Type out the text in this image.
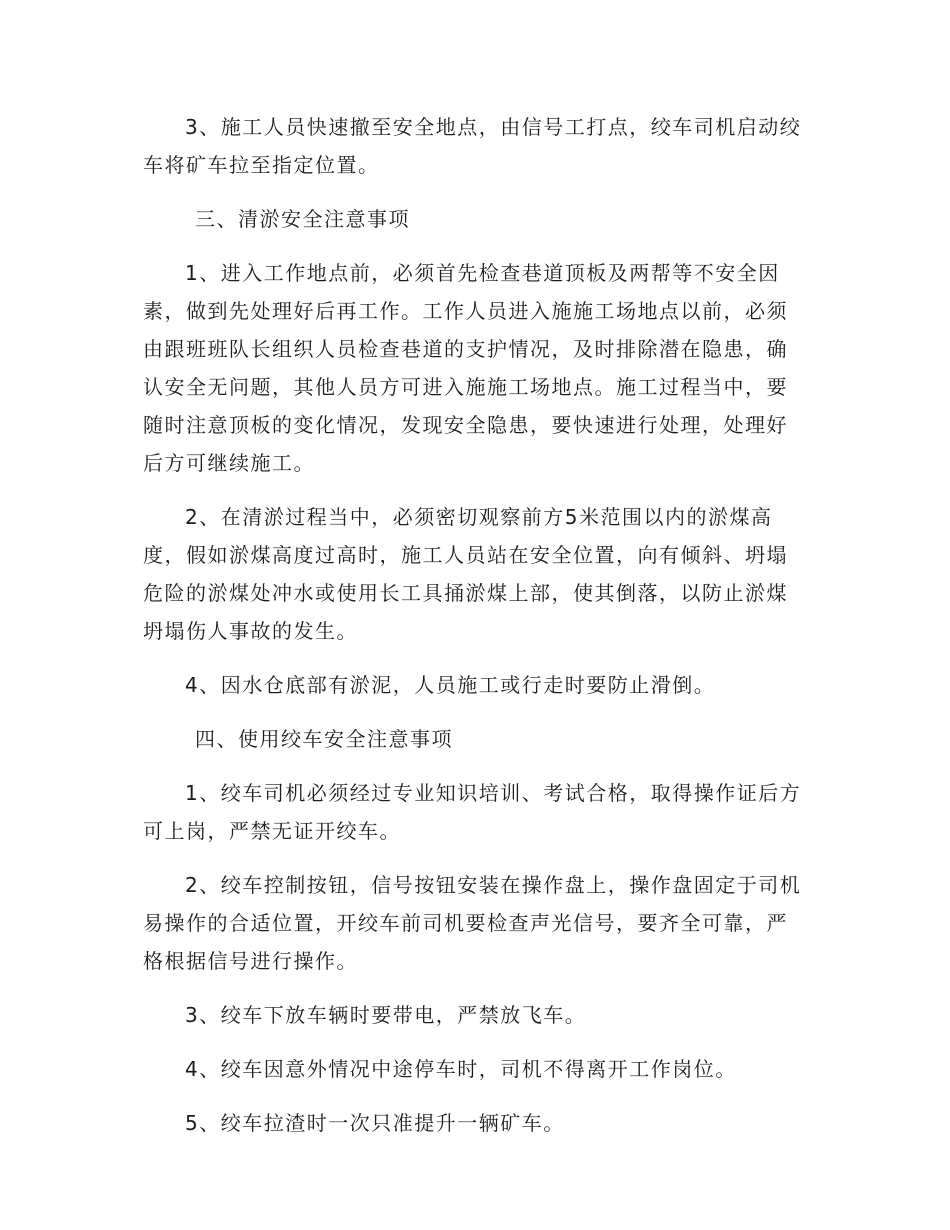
3、施工人员快速撤至安全地点，由信号工打点，绞车司机启动绞车将矿车拉至指定位置。

三、清淤安全注意事项

1、进入工作地点前，必须首先检查巷道顶板及两帮等不安全因素，做到先处理好后再工作。工作人员进入施施工场地点以前，必须由跟班班队长组织人员检查巷道的支护情况，及时排除潜在隐患，确认安全无问题，其他人员方可进入施施工场地点。施工过程当中，要随时注意顶板的变化情况，发现安全隐患，要快速进行处理，处理好后方可继续施工。

2、在清淤过程当中，必须密切观察前方5米范围以内的淤煤高度，假如淤煤高度过高时，施工人员站在安全位置，向有倾斜、坍塌危险的淤煤处冲水或使用长工具捅淤煤上部，使其倒落，以防止淤煤坍塌伤人事故的发生。

4、因水仓底部有淤泥，人员施工或行走时要防止滑倒。

四、使用绞车安全注意事项

1、绞车司机必须经过专业知识培训、考试合格，取得操作证后方可上岗，严禁无证开绞车。

2、绞车控制按钮，信号按钮安装在操作盘上，操作盘固定于司机易操作的合适位置，开绞车前司机要检查声光信号，要齐全可靠，严格根据信号进行操作。

3、绞车下放车辆时要带电，严禁放飞车。

4、绞车因意外情况中途停车时，司机不得离开工作岗位。

5、绞车拉渣时一次只准提升一辆矿车。
